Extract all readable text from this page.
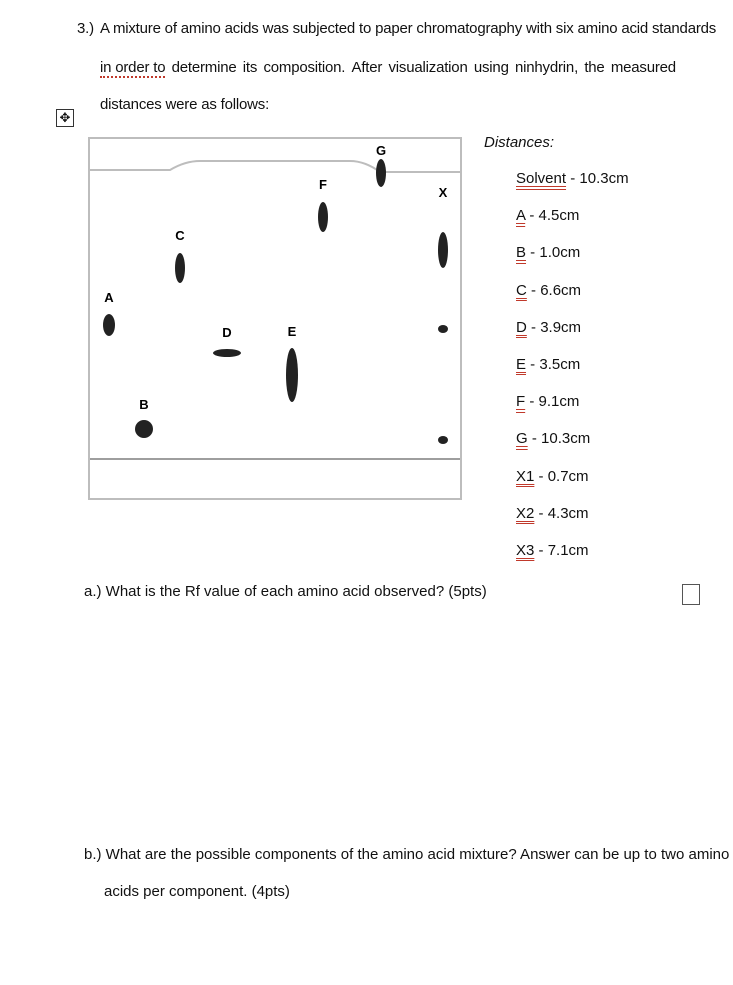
3.) A mixture of amino acids was subjected to paper chromatography with six amino acid standards
in order to determine its composition. After visualization using ninhydrin, the measured
distances were as follows:
✥
G
F
X
C
A
D	E
B
Distances:
Solvent - 10.3cm
A - 4.5cm
B - 1.0cm
C - 6.6cm
D - 3.9cm
E - 3.5cm
F - 9.1cm
G - 10.3cm
X1 - 0.7cm
X2 - 4.3cm
X3 - 7.1cm
a.) What is the Rf value of each amino acid observed? (5pts)
b.) What are the possible components of the amino acid mixture? Answer can be up to two amino
acids per component. (4pts)
